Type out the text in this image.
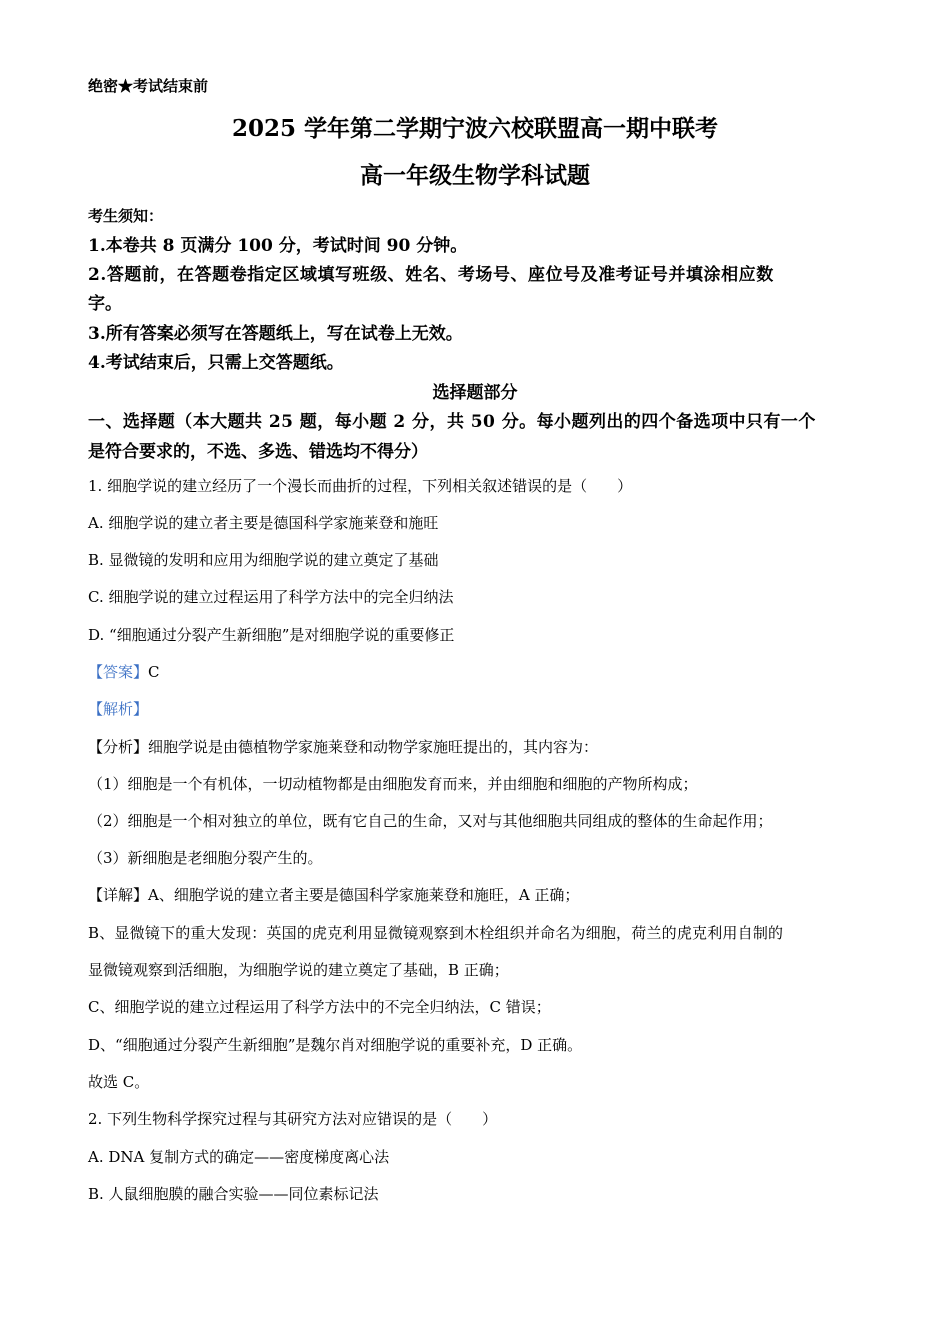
绝密★考试结束前
2025 学年第二学期宁波六校联盟高一期中联考
高一年级生物学科试题
考生须知：
1.本卷共 8 页满分 100 分，考试时间 90 分钟。
2.答题前，在答题卷指定区域填写班级、姓名、考场号、座位号及准考证号并填涂相应数
字。
3.所有答案必须写在答题纸上，写在试卷上无效。
4.考试结束后，只需上交答题纸。
选择题部分
一、选择题（本大题共 25 题，每小题 2 分，共 50 分。每小题列出的四个备选项中只有一个
是符合要求的，不选、多选、错选均不得分）
1. 细胞学说的建立经历了一个漫长而曲折的过程，下列相关叙述错误的是（　　）
A. 细胞学说的建立者主要是德国科学家施莱登和施旺
B. 显微镜的发明和应用为细胞学说的建立奠定了基础
C. 细胞学说的建立过程运用了科学方法中的完全归纳法
D. “细胞通过分裂产生新细胞”是对细胞学说的重要修正
【答案】C
【解析】
【分析】细胞学说是由德植物学家施莱登和动物学家施旺提出的，其内容为：
（1）细胞是一个有机体，一切动植物都是由细胞发育而来，并由细胞和细胞的产物所构成；
（2）细胞是一个相对独立的单位，既有它自己的生命，又对与其他细胞共同组成的整体的生命起作用；
（3）新细胞是老细胞分裂产生的。
【详解】A、细胞学说的建立者主要是德国科学家施莱登和施旺，A 正确；
B、显微镜下的重大发现：英国的虎克利用显微镜观察到木栓组织并命名为细胞，荷兰的虎克利用自制的
显微镜观察到活细胞，为细胞学说的建立奠定了基础，B 正确；
C、细胞学说的建立过程运用了科学方法中的不完全归纳法，C 错误；
D、“细胞通过分裂产生新细胞”是魏尔肖对细胞学说的重要补充，D 正确。
故选 C。
2. 下列生物科学探究过程与其研究方法对应错误的是（　　）
A. DNA 复制方式的确定——密度梯度离心法
B. 人鼠细胞膜的融合实验——同位素标记法
